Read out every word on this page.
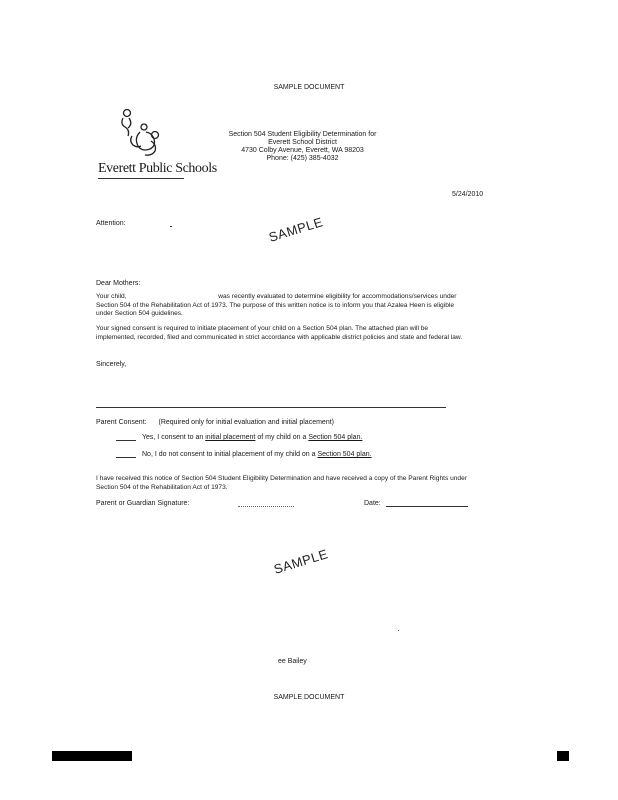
SAMPLE DOCUMENT
Everett Public Schools
Section 504 Student Eligibility Determination for
Everett School District
4730 Colby Avenue, Everett, WA 98203
Phone: (425) 385-4032
5/24/2010
Attention:	SAMPLE
Dear Mothers:
Your child,	was recently evaluated to determine eligibility for accommodations/services under Section 504 of the Rehabilitation Act of 1973. The purpose of this written notice is to inform you that Azalea Heen is eligible under Section 504 guidelines.
Your signed consent is required to initiate placement of your child on a Section 504 plan. The attached plan will be implemented, recorded, filed and communicated in strict accordance with applicable district policies and state and federal law.
Sincerely,
Parent Consent: (Required only for initial evaluation and initial placement)
Yes, I consent to an initial placement of my child on a Section 504 plan.
No, I do not consent to initial placement of my child on a Section 504 plan.
I have received this notice of Section 504 Student Eligibility Determination and have received a copy of the Parent Rights under Section 504 of the Rehabilitation Act of 1973.
Parent or Guardian Signature:	Date:
SAMPLE
ee Bailey
SAMPLE DOCUMENT
